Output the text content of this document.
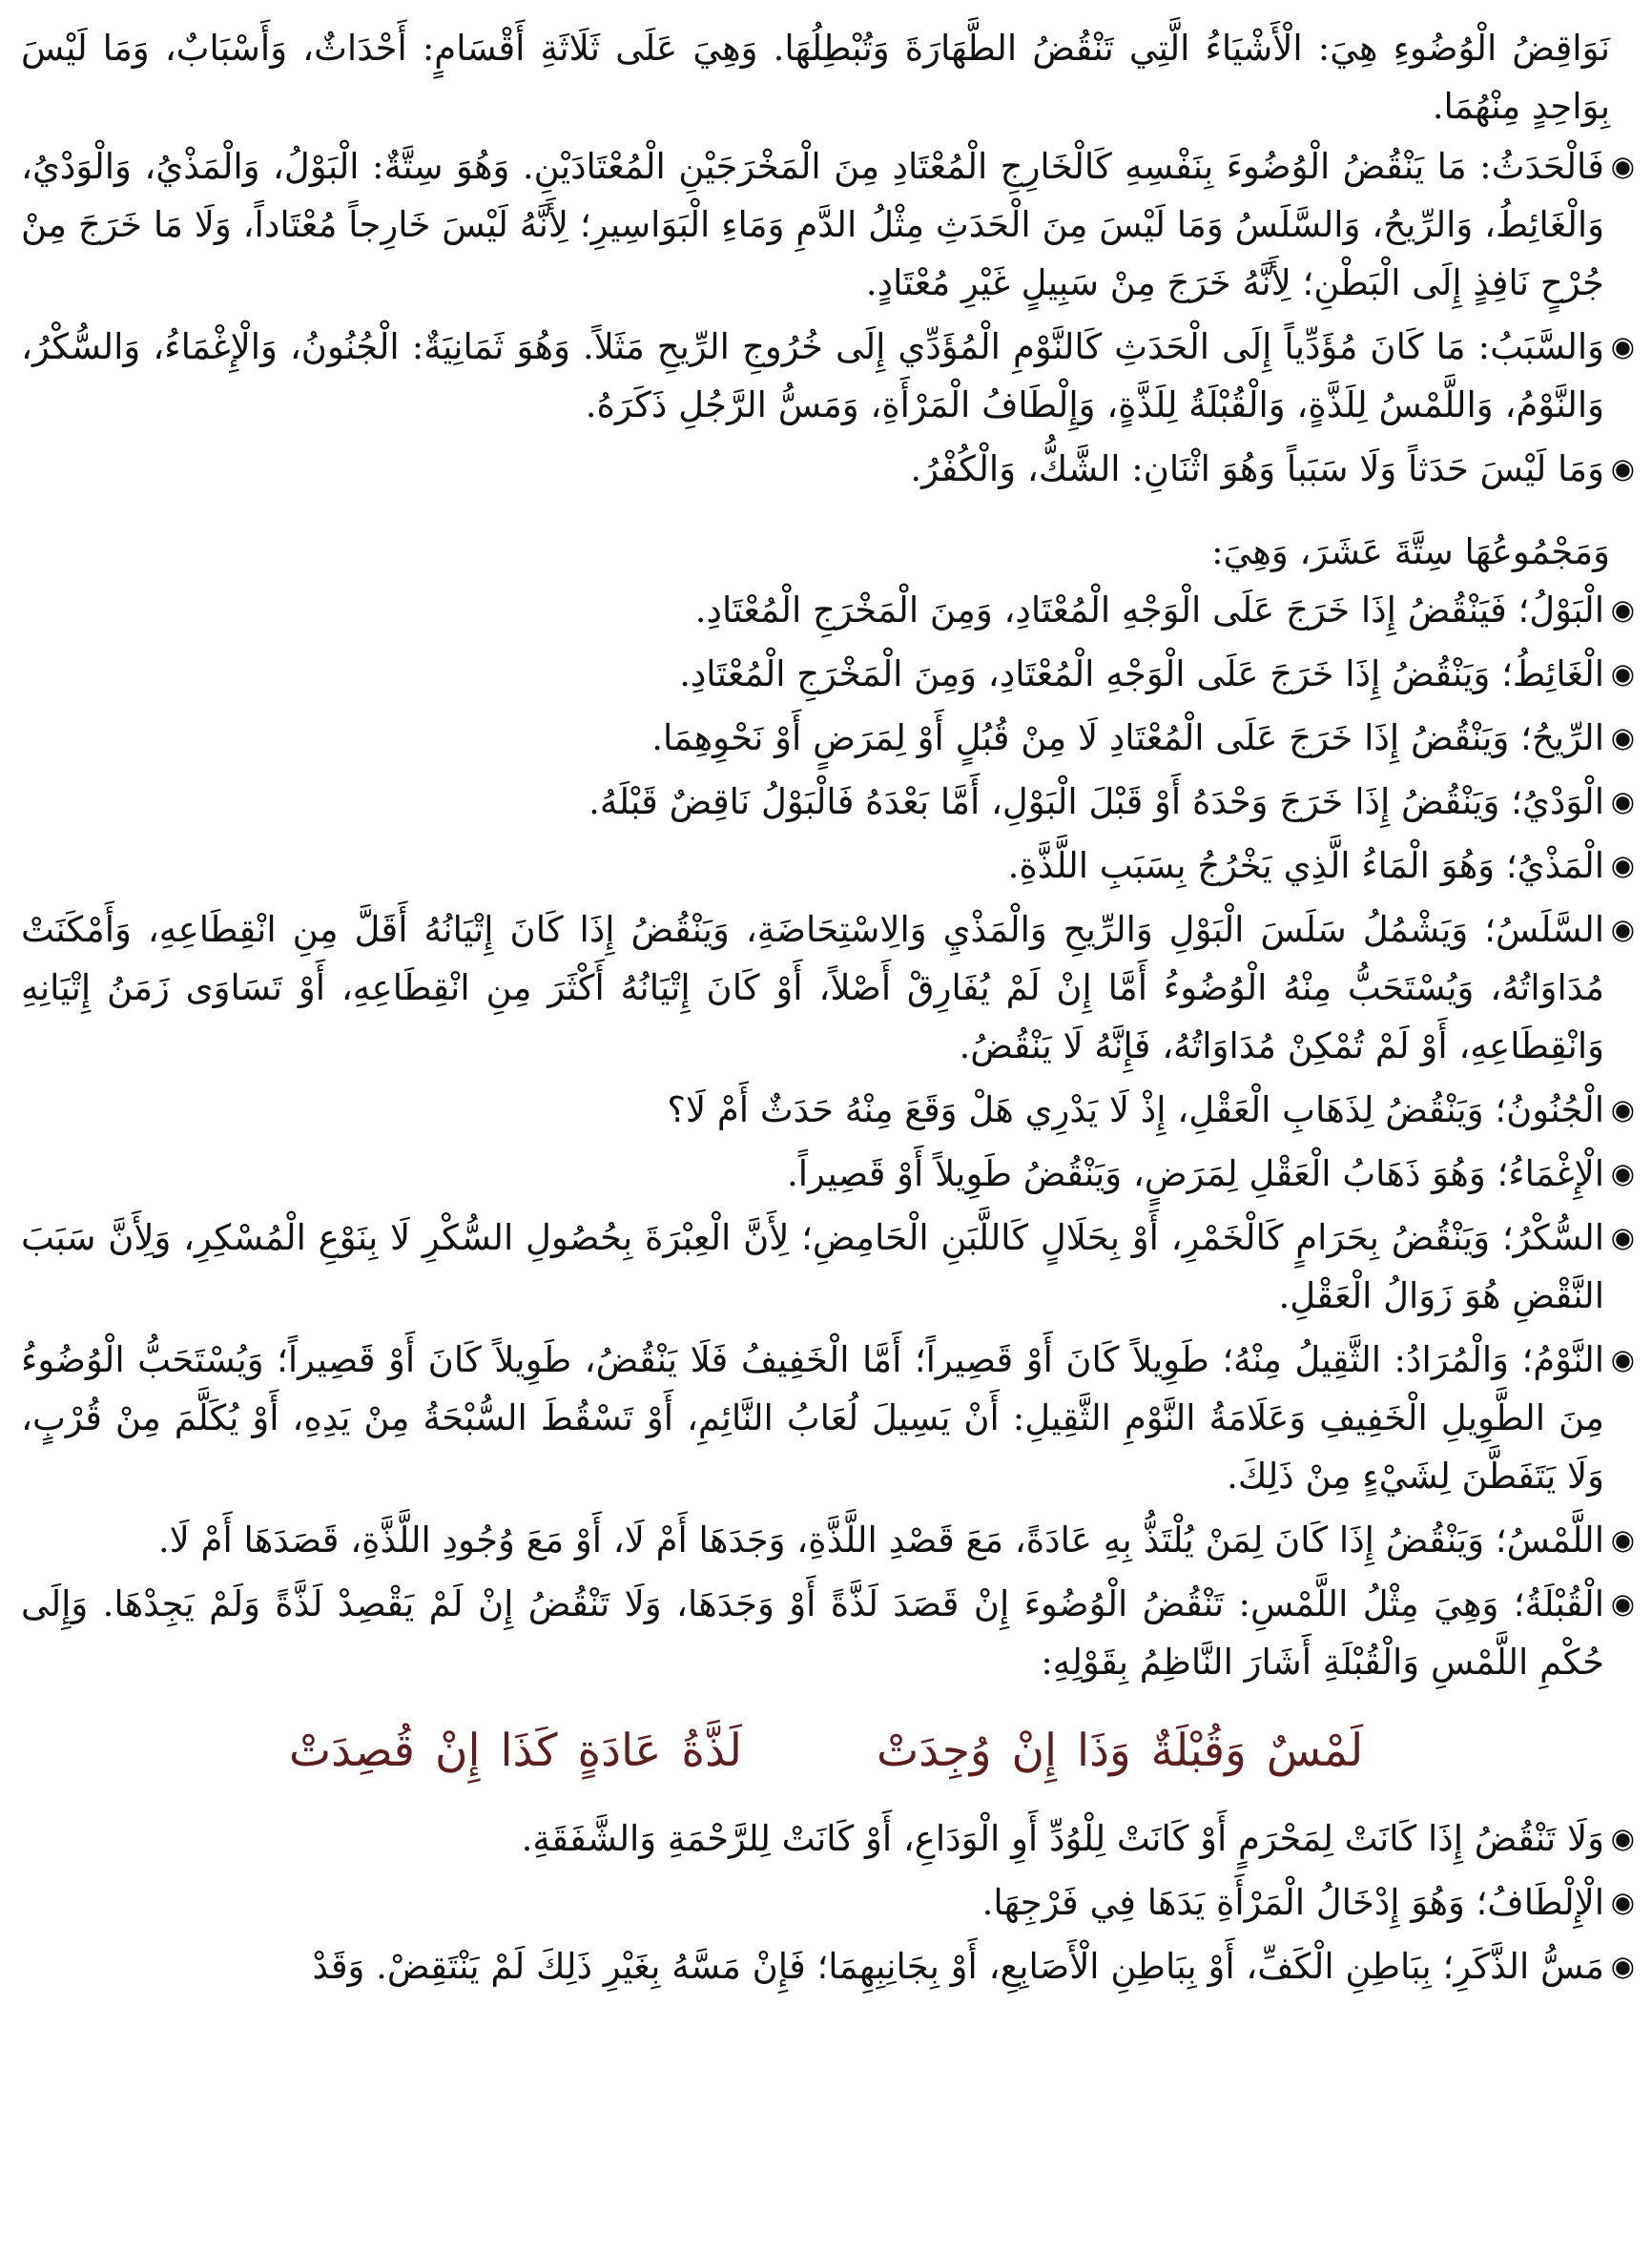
نَوَاقِضُ الْوُضُوءِ هِيَ: الْأَشْيَاءُ الَّتِي تَنْقُضُ الطَّهَارَةَ وَتُبْطِلُهَا. وَهِيَ عَلَى ثَلَاثَةِ أَقْسَامٍ: أَحْدَاثٌ، وَأَسْبَابٌ، وَمَا لَيْسَ بِوَاحِدٍ مِنْهُمَا.

◉
فَالْحَدَثُ: مَا يَنْقُضُ الْوُضُوءَ بِنَفْسِهِ كَالْخَارِجِ الْمُعْتَادِ مِنَ الْمَخْرَجَيْنِ الْمُعْتَادَيْنِ. وَهُوَ سِتَّةٌ: الْبَوْلُ، وَالْمَذْيُ، وَالْوَدْيُ، وَالْغَائِطُ، وَالرِّيحُ، وَالسَّلَسُ وَمَا لَيْسَ مِنَ الْحَدَثِ مِثْلُ الدَّمِ وَمَاءِ الْبَوَاسِيرِ؛ لِأَنَّهُ لَيْسَ خَارِجاً مُعْتَاداً، وَلَا مَا خَرَجَ مِنْ جُرْحٍ نَافِذٍ إِلَى الْبَطْنِ؛ لِأَنَّهُ خَرَجَ مِنْ سَبِيلٍ غَيْرِ مُعْتَادٍ.

◉
وَالسَّبَبُ: مَا كَانَ مُؤَدِّياً إِلَى الْحَدَثِ كَالنَّوْمِ الْمُؤَدِّي إِلَى خُرُوجِ الرِّيحِ مَثَلاً. وَهُوَ ثَمَانِيَةٌ: الْجُنُونُ، وَالْإِغْمَاءُ، وَالسُّكْرُ، وَالنَّوْمُ، وَاللَّمْسُ لِلَذَّةٍ، وَالْقُبْلَةُ لِلَذَّةٍ، وَإِلْطَافُ الْمَرْأَةِ، وَمَسُّ الرَّجُلِ ذَكَرَهُ.

◉
وَمَا لَيْسَ حَدَثاً وَلَا سَبَباً وَهُوَ اثْنَانِ: الشَّكُّ، وَالْكُفْرُ.

وَمَجْمُوعُهَا سِتَّةَ عَشَرَ، وَهِيَ:

◉
الْبَوْلُ؛ فَيَنْقُضُ إِذَا خَرَجَ عَلَى الْوَجْهِ الْمُعْتَادِ، وَمِنَ الْمَخْرَجِ الْمُعْتَادِ.

◉
الْغَائِطُ؛ وَيَنْقُضُ إِذَا خَرَجَ عَلَى الْوَجْهِ الْمُعْتَادِ، وَمِنَ الْمَخْرَجِ الْمُعْتَادِ.

◉
الرِّيحُ؛ وَيَنْقُضُ إِذَا خَرَجَ عَلَى الْمُعْتَادِ لَا مِنْ قُبُلٍ أَوْ لِمَرَضٍ أَوْ نَحْوِهِمَا.

◉
الْوَدْيُ؛ وَيَنْقُضُ إِذَا خَرَجَ وَحْدَهُ أَوْ قَبْلَ الْبَوْلِ، أَمَّا بَعْدَهُ فَالْبَوْلُ نَاقِضٌ قَبْلَهُ.

◉
الْمَذْيُ؛ وَهُوَ الْمَاءُ الَّذِي يَخْرُجُ بِسَبَبِ اللَّذَّةِ.

◉
السَّلَسُ؛ وَيَشْمُلُ سَلَسَ الْبَوْلِ وَالرِّيحِ وَالْمَذْيِ وَالِاسْتِحَاضَةِ، وَيَنْقُضُ إِذَا كَانَ إِتْيَانُهُ أَقَلَّ مِنِ انْقِطَاعِهِ، وَأَمْكَنَتْ مُدَاوَاتُهُ، وَيُسْتَحَبُّ مِنْهُ الْوُضُوءُ أَمَّا إِنْ لَمْ يُفَارِقْ أَصْلاً، أَوْ كَانَ إِتْيَانُهُ أَكْثَرَ مِنِ انْقِطَاعِهِ، أَوْ تَسَاوَى زَمَنُ إِتْيَانِهِ وَانْقِطَاعِهِ، أَوْ لَمْ تُمْكِنْ مُدَاوَاتُهُ، فَإِنَّهُ لَا يَنْقُضُ.

◉
الْجُنُونُ؛ وَيَنْقُضُ لِذَهَابِ الْعَقْلِ، إِذْ لَا يَدْرِي هَلْ وَقَعَ مِنْهُ حَدَثٌ أَمْ لَا؟

◉
الْإِغْمَاءُ؛ وَهُوَ ذَهَابُ الْعَقْلِ لِمَرَضٍ، وَيَنْقُضُ طَوِيلاً أَوْ قَصِيراً.

◉
السُّكْرُ؛ وَيَنْقُضُ بِحَرَامٍ كَالْخَمْرِ، أَوْ بِحَلَالٍ كَاللَّبَنِ الْحَامِضِ؛ لِأَنَّ الْعِبْرَةَ بِحُصُولِ السُّكْرِ لَا بِنَوْعِ الْمُسْكِرِ، وَلِأَنَّ سَبَبَ النَّقْضِ هُوَ زَوَالُ الْعَقْلِ.

◉
النَّوْمُ؛ وَالْمُرَادُ: الثَّقِيلُ مِنْهُ؛ طَوِيلاً كَانَ أَوْ قَصِيراً؛ أَمَّا الْخَفِيفُ فَلَا يَنْقُضُ، طَوِيلاً كَانَ أَوْ قَصِيراً؛ وَيُسْتَحَبُّ الْوُضُوءُ مِنَ الطَّوِيلِ الْخَفِيفِ وَعَلَامَةُ النَّوْمِ الثَّقِيلِ: أَنْ يَسِيلَ لُعَابُ النَّائِمِ، أَوْ تَسْقُطَ السُّبْحَةُ مِنْ يَدِهِ، أَوْ يُكَلَّمَ مِنْ قُرْبٍ، وَلَا يَتَفَطَّنَ لِشَيْءٍ مِنْ ذَلِكَ.

◉
اللَّمْسُ؛ وَيَنْقُضُ إِذَا كَانَ لِمَنْ يُلْتَذُّ بِهِ عَادَةً، مَعَ قَصْدِ اللَّذَّةِ، وَجَدَهَا أَمْ لَا، أَوْ مَعَ وُجُودِ اللَّذَّةِ، قَصَدَهَا أَمْ لَا.

◉
الْقُبْلَةُ؛ وَهِيَ مِثْلُ اللَّمْسِ: تَنْقُضُ الْوُضُوءَ إِنْ قَصَدَ لَذَّةً أَوْ وَجَدَهَا، وَلَا تَنْقُضُ إِنْ لَمْ يَقْصِدْ لَذَّةً وَلَمْ يَجِدْهَا. وَإِلَى حُكْمِ اللَّمْسِ وَالْقُبْلَةِ أَشَارَ النَّاظِمُ بِقَوْلِهِ:

لَمْسٌ وَقُبْلَةٌ وَذَا إِنْ وُجِدَتْ لَذَّةُ عَادَةٍ كَذَا إِنْ قُصِدَتْ

◉
وَلَا تَنْقُضُ إِذَا كَانَتْ لِمَحْرَمٍ أَوْ كَانَتْ لِلْوُدِّ أَوِ الْوَدَاعِ، أَوْ كَانَتْ لِلرَّحْمَةِ وَالشَّفَقَةِ.

◉
الْإِلْطَافُ؛ وَهُوَ إِدْخَالُ الْمَرْأَةِ يَدَهَا فِي فَرْجِهَا.

◉
مَسُّ الذَّكَرِ؛ بِبَاطِنِ الْكَفِّ، أَوْ بِبَاطِنِ الْأَصَابِعِ، أَوْ بِجَانِبِهِمَا؛ فَإِنْ مَسَّهُ بِغَيْرِ ذَلِكَ لَمْ يَنْتَقِضْ. وَقَدْ
